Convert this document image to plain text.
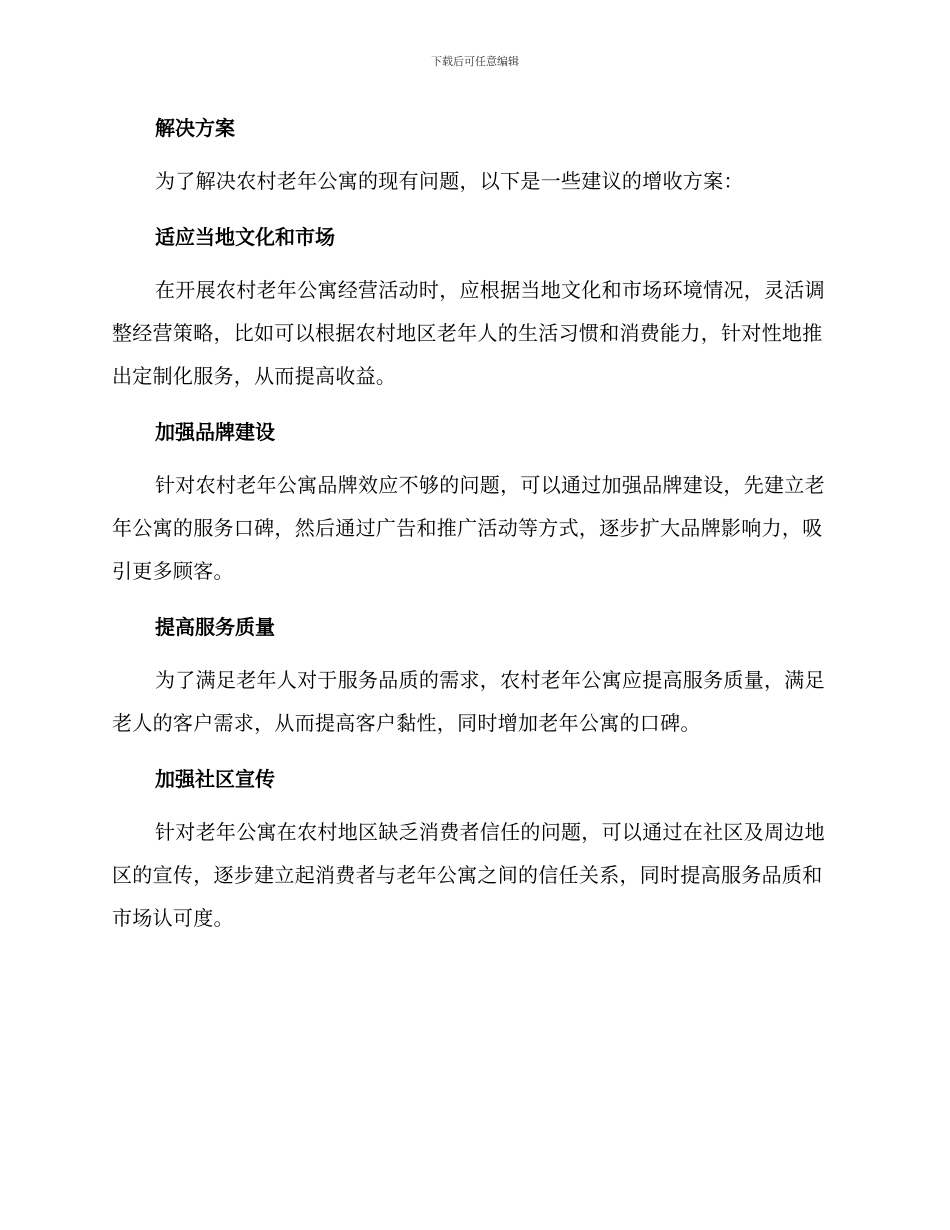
下载后可任意编辑
解决方案

为了解决农村老年公寓的现有问题，以下是一些建议的增收方案：

适应当地文化和市场

在开展农村老年公寓经营活动时，应根据当地文化和市场环境情况，灵活调整经营策略，比如可以根据农村地区老年人的生活习惯和消费能力，针对性地推出定制化服务，从而提高收益。

加强品牌建设

针对农村老年公寓品牌效应不够的问题，可以通过加强品牌建设，先建立老年公寓的服务口碑，然后通过广告和推广活动等方式，逐步扩大品牌影响力，吸引更多顾客。

提高服务质量

为了满足老年人对于服务品质的需求，农村老年公寓应提高服务质量，满足老人的客户需求，从而提高客户黏性，同时增加老年公寓的口碑。

加强社区宣传

针对老年公寓在农村地区缺乏消费者信任的问题，可以通过在社区及周边地区的宣传，逐步建立起消费者与老年公寓之间的信任关系，同时提高服务品质和市场认可度。
